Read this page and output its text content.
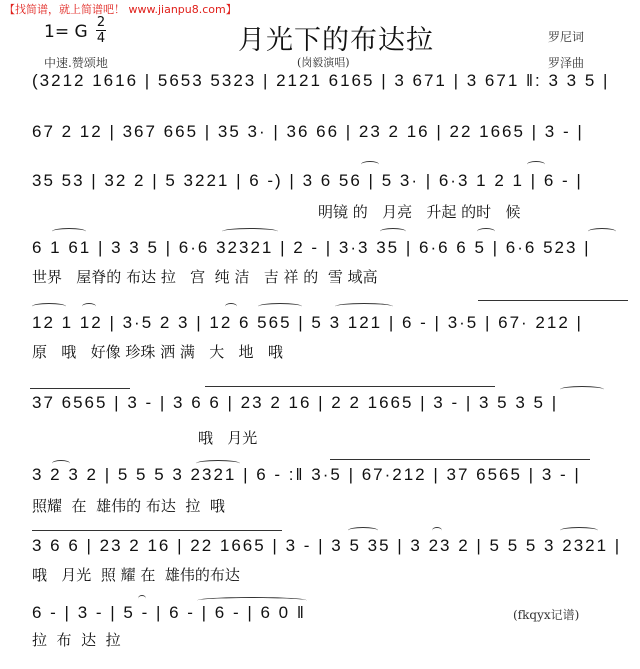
【找简谱，就上简谱吧！ www.jianpu8.com】
1= G 2
4	月光下的布达拉	罗尼词
罗泽曲
中速.赞颂地	(岗毅演唱)
(3212 1616 | 5653 5323 | 2121 6165 | 3 671 | 3 671 ‖: 3 3 5 |
67 2 12 | 367 665 | 35 3· | 36 66 | 23 2 16 | 22 1665 | 3 - |
35 53 | 32 2 | 5 3221 | 6 -) | 3 6 56 | 5 3· | 6·3 1 2 1 | 6 - |
明镜 的   月亮   升起 的时   候
6 1 61 | 3 3 5 | 6·6 32321 | 2 - | 3·3 35 | 6·6 6 5 | 6·6 523 |
世界   屋脊的 布达 拉   宫  纯 洁   吉 祥 的  雪 域高
12 1 12 | 3·5 2 3 | 12 6 565 | 5 3 121 | 6 - | 3·5 | 67· 212 |
原   哦   好像 珍珠 洒 满   大   地   哦
37 6565 | 3 - | 3 6 6 | 23 2 16 | 2 2 1665 | 3 - | 3 5 3 5 |
哦   月光
3 2 3 2 | 5 5 5 3 2321 | 6 - :‖ 3·5 | 67·212 | 37 6565 | 3 - |
照耀  在  雄伟的 布达  拉  哦
3 6 6 | 23 2 16 | 22 1665 | 3 - | 3 5 35 | 3 23 2 | 5 5 5 3 2321 |
哦   月光  照 耀 在  雄伟的布达
6 - | 3 - | 5 - | 6 - | 6 - | 6 0 ‖
拉  布  达  拉
(fkqyx记谱)
